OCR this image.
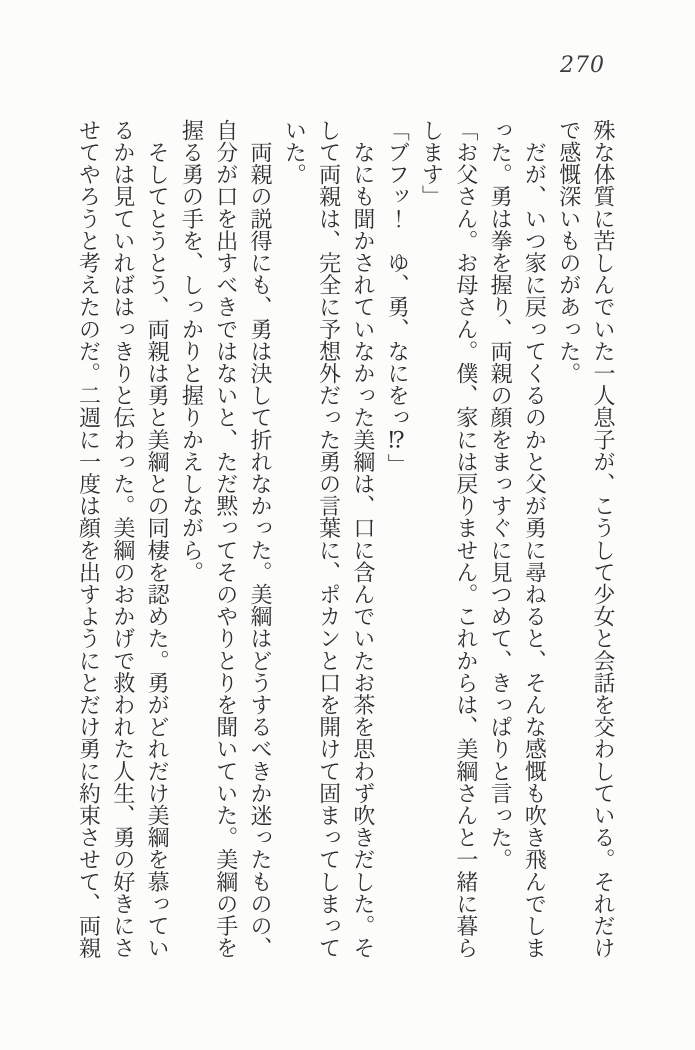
270

殊な体質に苦しんでいた一人息子が、こうして少女と会話を交わしている。それだけ

で感慨深いものがあった。

　だが、いつ家に戻ってくるのかと父が勇に尋ねると、そんな感慨も吹き飛んでしま

った。勇は拳を握り、両親の顔をまっすぐに見つめて、きっぱりと言った。

「お父さん。お母さん。僕、家には戻りません。これからは、美綱さんと一緒に暮ら

します」

「ブフッ！　ゆ、勇、なにをっ⁉」

　なにも聞かされていなかった美綱は、口に含んでいたお茶を思わず吹きだした。そ

して両親は、完全に予想外だった勇の言葉に、ポカンと口を開けて固まってしまって

いた。

　両親の説得にも、勇は決して折れなかった。美綱はどうするべきか迷ったものの、

自分が口を出すべきではないと、ただ黙ってそのやりとりを聞いていた。美綱の手を

握る勇の手を、しっかりと握りかえしながら。

　そしてとうとう、両親は勇と美綱との同棲を認めた。勇がどれだけ美綱を慕ってい

るかは見ていればはっきりと伝わった。美綱のおかげで救われた人生、勇の好きにさ

せてやろうと考えたのだ。二週に一度は顔を出すようにとだけ勇に約束させて、両親
